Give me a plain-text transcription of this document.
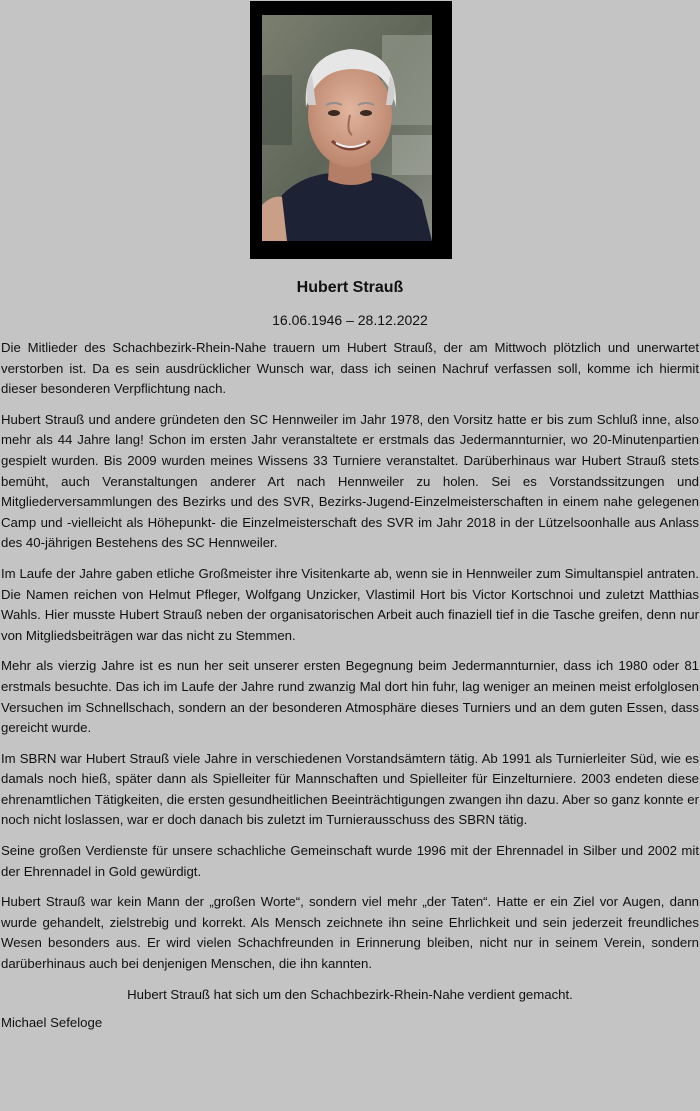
Hubert Strauß
16.06.1946 – 28.12.2022

Die Mitlieder des Schachbezirk-Rhein-Nahe trauern um Hubert Strauß, der am Mittwoch plötzlich und unerwartet verstorben ist. Da es sein ausdrücklicher Wunsch war, dass ich seinen Nachruf verfassen soll, komme ich hiermit dieser besonderen Verpflichtung nach.

Hubert Strauß und andere gründeten den SC Hennweiler im Jahr 1978, den Vorsitz hatte er bis zum Schluß inne, also mehr als 44 Jahre lang! Schon im ersten Jahr veranstaltete er erstmals das Jedermannturnier, wo 20-Minutenpartien gespielt wurden. Bis 2009 wurden meines Wissens 33 Turniere veranstaltet. Darüberhinaus war Hubert Strauß stets bemüht, auch Veranstaltungen anderer Art nach Hennweiler zu holen. Sei es Vorstandssitzungen und Mitgliederversammlungen des Bezirks und des SVR, Bezirks-Jugend-Einzelmeisterschaften in einem nahe gelegenen Camp und -vielleicht als Höhepunkt- die Einzelmeisterschaft des SVR im Jahr 2018 in der Lützelsoonhalle aus Anlass des 40-jährigen Bestehens des SC Hennweiler.

Im Laufe der Jahre gaben etliche Großmeister ihre Visitenkarte ab, wenn sie in Hennweiler zum Simultanspiel antraten. Die Namen reichen von Helmut Pfleger, Wolfgang Unzicker, Vlastimil Hort bis Victor Kortschnoi und zuletzt Matthias Wahls. Hier musste Hubert Strauß neben der organisatorischen Arbeit auch finaziell tief in die Tasche greifen, denn nur von Mitgliedsbeiträgen war das nicht zu Stemmen.

Mehr als vierzig Jahre ist es nun her seit unserer ersten Begegnung beim Jedermannturnier, dass ich 1980 oder 81 erstmals besuchte. Das ich im Laufe der Jahre rund zwanzig Mal dort hin fuhr, lag weniger an meinen meist erfolglosen Versuchen im Schnellschach, sondern an der besonderen Atmosphäre dieses Turniers und an dem guten Essen, dass gereicht wurde.

Im SBRN war Hubert Strauß viele Jahre in verschiedenen Vorstandsämtern tätig. Ab 1991 als Turnierleiter Süd, wie es damals noch hieß, später dann als Spielleiter für Mannschaften und Spielleiter für Einzelturniere. 2003 endeten diese ehrenamtlichen Tätigkeiten, die ersten gesundheitlichen Beeinträchtigungen zwangen ihn dazu. Aber so ganz konnte er noch nicht loslassen, war er doch danach bis zuletzt im Turnierausschuss des SBRN tätig.

Seine großen Verdienste für unsere schachliche Gemeinschaft wurde 1996 mit der Ehrennadel in Silber und 2002 mit der Ehrennadel in Gold gewürdigt.

Hubert Strauß war kein Mann der „großen Worte“, sondern viel mehr „der Taten“. Hatte er ein Ziel vor Augen, dann wurde gehandelt, zielstrebig und korrekt. Als Mensch zeichnete ihn seine Ehrlichkeit und sein jederzeit freundliches Wesen besonders aus. Er wird vielen Schachfreunden in Erinnerung bleiben, nicht nur in seinem Verein, sondern darüberhinaus auch bei denjenigen Menschen, die ihn kannten.

Hubert Strauß hat sich um den Schachbezirk-Rhein-Nahe verdient gemacht.
Michael Sefeloge
